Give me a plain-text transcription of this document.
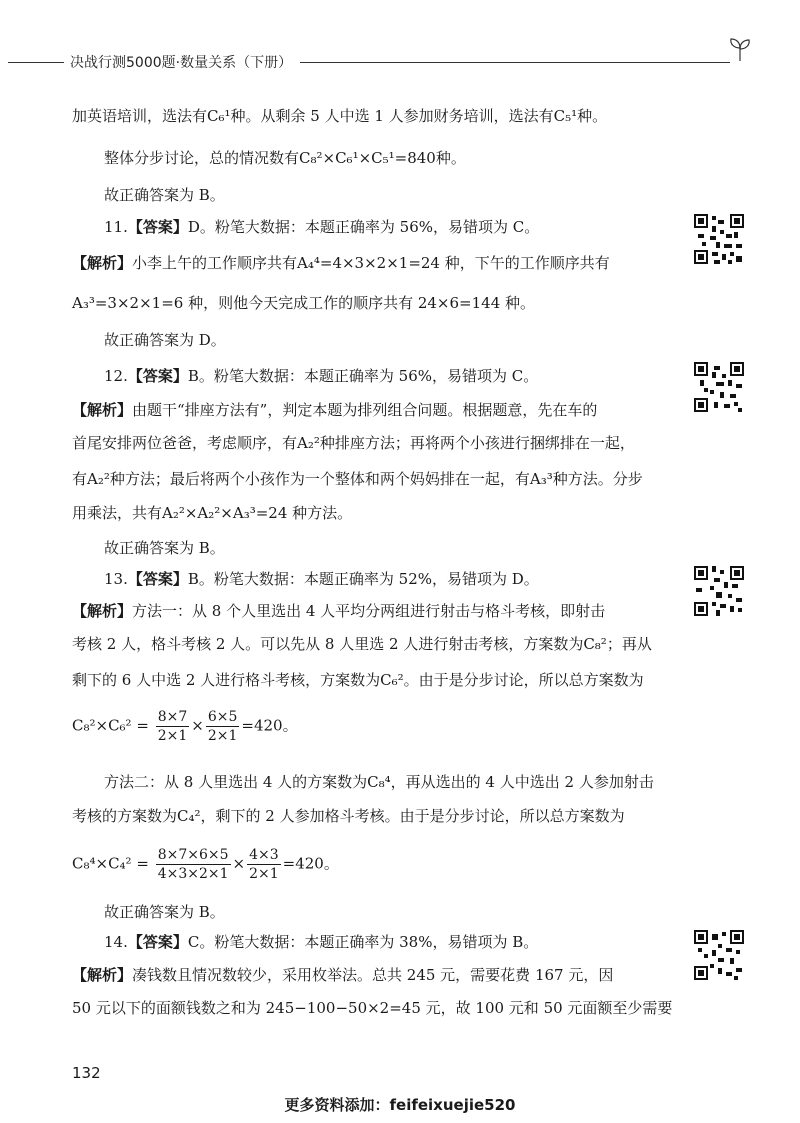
决战行测5000题·数量关系（下册）
加英语培训，选法有C₆¹种。从剩余 5 人中选 1 人参加财务培训，选法有C₅¹种。
整体分步讨论，总的情况数有C₈²×C₆¹×C₅¹=840种。
故正确答案为 B。
11.【答案】D。粉笔大数据：本题正确率为 56%，易错项为 C。
【解析】小李上午的工作顺序共有A₄⁴=4×3×2×1=24 种，下午的工作顺序共有
A₃³=3×2×1=6 种，则他今天完成工作的顺序共有 24×6=144 种。
故正确答案为 D。
12.【答案】B。粉笔大数据：本题正确率为 56%，易错项为 C。
【解析】由题干“排座方法有”，判定本题为排列组合问题。根据题意，先在车的
首尾安排两位爸爸，考虑顺序，有A₂²种排座方法；再将两个小孩进行捆绑排在一起，
有A₂²种方法；最后将两个小孩作为一个整体和两个妈妈排在一起，有A₃³种方法。分步
用乘法，共有A₂²×A₂²×A₃³=24 种方法。
故正确答案为 B。
13.【答案】B。粉笔大数据：本题正确率为 52%，易错项为 D。
【解析】方法一：从 8 个人里选出 4 人平均分两组进行射击与格斗考核，即射击
考核 2 人，格斗考核 2 人。可以先从 8 人里选 2 人进行射击考核，方案数为C₈²；再从
剩下的 6 人中选 2 人进行格斗考核，方案数为C₆²。由于是分步讨论，所以总方案数为
$C_8^2\times C_6^2 = \frac{8\times 7}{2\times 1} \times \frac{6\times 5}{2\times 1} =420$。
方法二：从 8 人里选出 4 人的方案数为C₈⁴，再从选出的 4 人中选出 2 人参加射击
考核的方案数为C₄²，剩下的 2 人参加格斗考核。由于是分步讨论，所以总方案数为
$C_8^4\times C_4^2 = \frac{8\times 7\times 6\times 5}{4\times 3\times 2\times 1} \times \frac{4\times 3}{2\times 1} =420$。
故正确答案为 B。
14.【答案】C。粉笔大数据：本题正确率为 38%，易错项为 B。
【解析】凑钱数且情况数较少，采用枚举法。总共 245 元，需要花费 167 元，因
50 元以下的面额钱数之和为 245−100−50×2=45 元，故 100 元和 50 元面额至少需要
132
更多资料添加：feifeixuejie520
